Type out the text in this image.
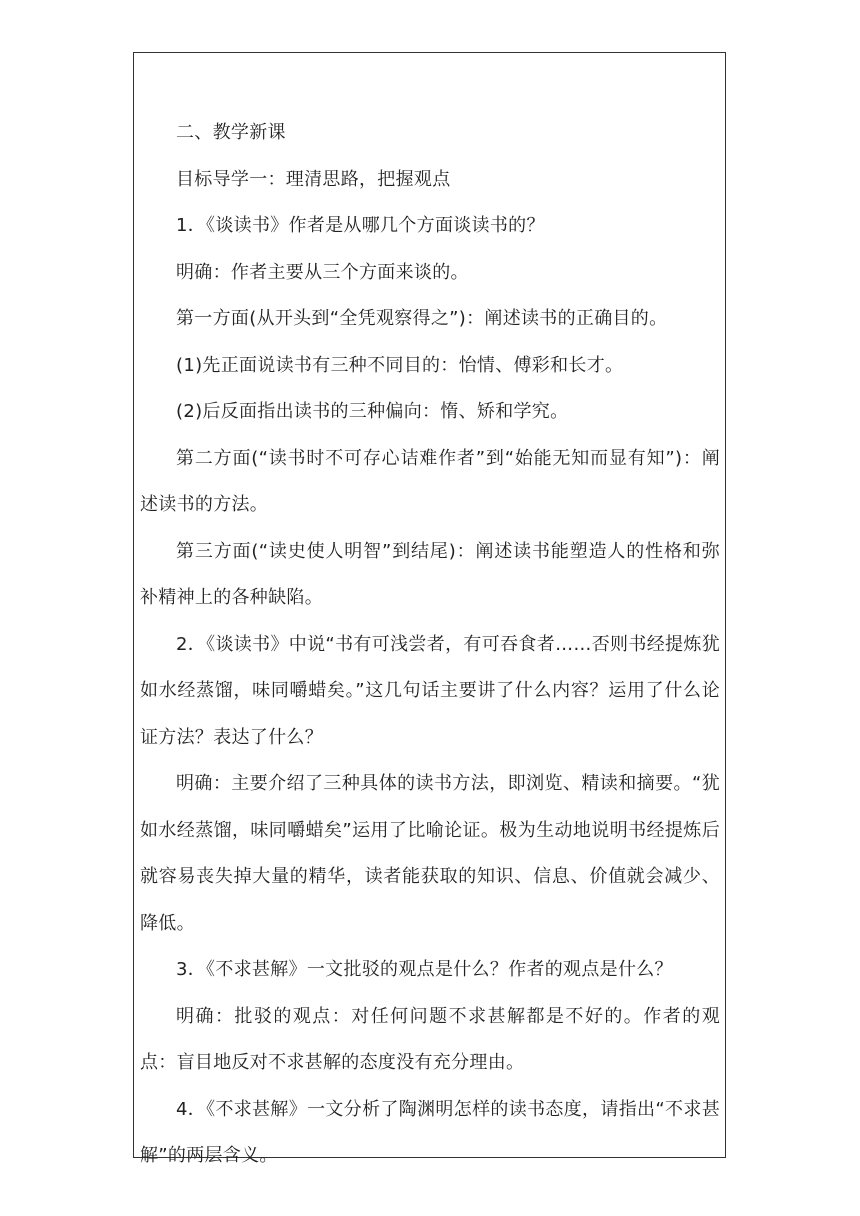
二、教学新课

目标导学一：理清思路，把握观点

1．《谈读书》作者是从哪几个方面谈读书的？

明确：作者主要从三个方面来谈的。

第一方面(从开头到“全凭观察得之”)：阐述读书的正确目的。

(1)先正面说读书有三种不同目的：怡情、傅彩和长才。

(2)后反面指出读书的三种偏向：惰、矫和学究。

第二方面(“读书时不可存心诘难作者”到“始能无知而显有知”)：阐述读书的方法。

第三方面(“读史使人明智”到结尾)：阐述读书能塑造人的性格和弥补精神上的各种缺陷。

2．《谈读书》中说“书有可浅尝者，有可吞食者……否则书经提炼犹如水经蒸馏，味同嚼蜡矣。”这几句话主要讲了什么内容？运用了什么论证方法？表达了什么？

明确：主要介绍了三种具体的读书方法，即浏览、精读和摘要。“犹如水经蒸馏，味同嚼蜡矣”运用了比喻论证。极为生动地说明书经提炼后就容易丧失掉大量的精华，读者能获取的知识、信息、价值就会减少、降低。

3．《不求甚解》一文批驳的观点是什么？作者的观点是什么？

明确：批驳的观点：对任何问题不求甚解都是不好的。作者的观点：盲目地反对不求甚解的态度没有充分理由。

4．《不求甚解》一文分析了陶渊明怎样的读书态度，请指出“不求甚解”的两层含义。
